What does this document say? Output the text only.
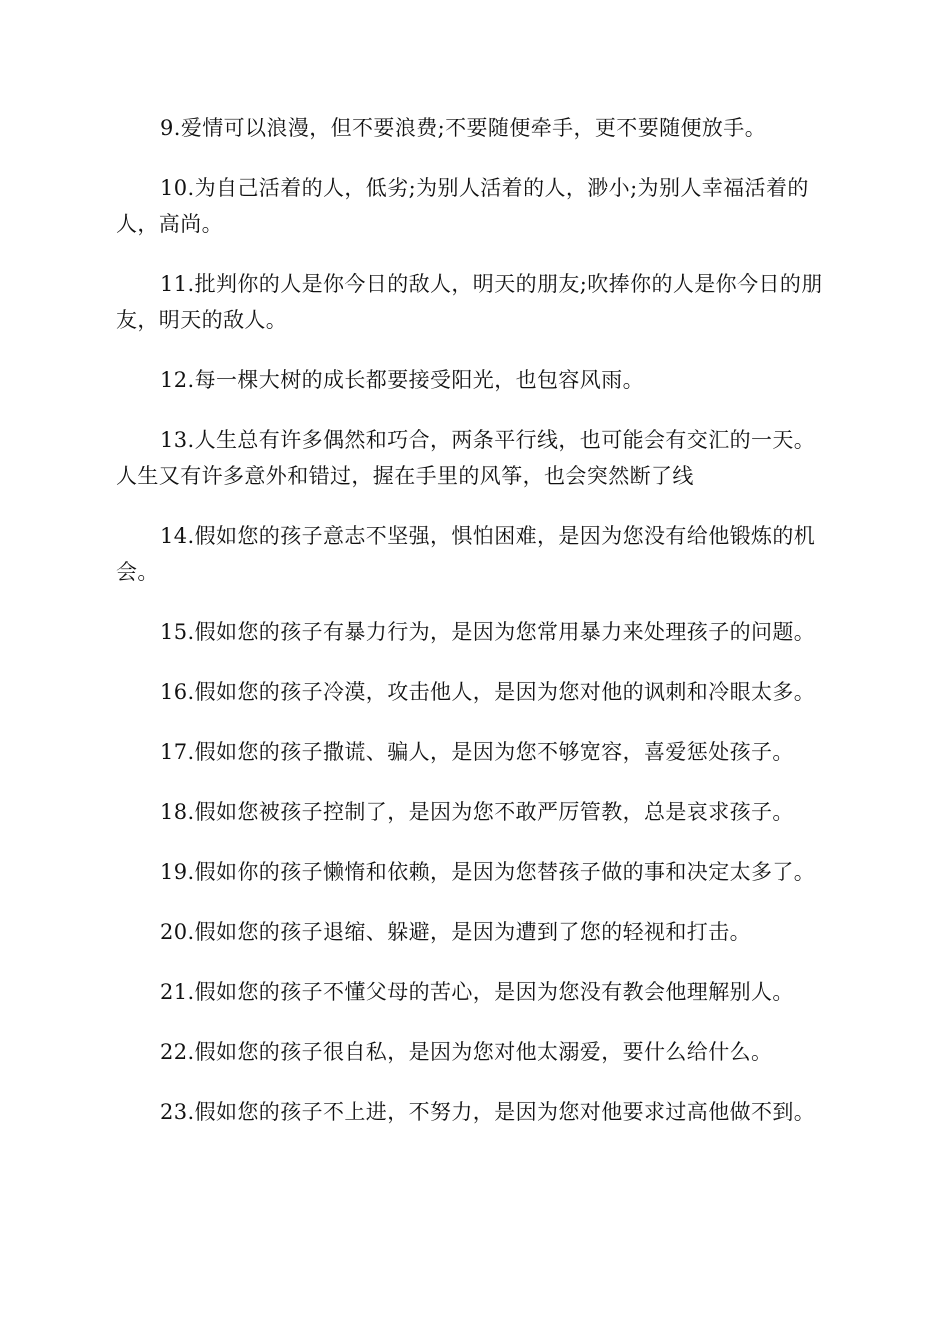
9.爱情可以浪漫，但不要浪费;不要随便牵手，更不要随便放手。

10.为自己活着的人，低劣;为别人活着的人，渺小;为别人幸福活着的人，高尚。

11.批判你的人是你今日的敌人，明天的朋友;吹捧你的人是你今日的朋友，明天的敌人。

12.每一棵大树的成长都要接受阳光，也包容风雨。

13.人生总有许多偶然和巧合，两条平行线，也可能会有交汇的一天。人生又有许多意外和错过，握在手里的风筝，也会突然断了线

14.假如您的孩子意志不坚强，惧怕困难，是因为您没有给他锻炼的机会。

15.假如您的孩子有暴力行为，是因为您常用暴力来处理孩子的问题。

16.假如您的孩子冷漠，攻击他人，是因为您对他的讽刺和冷眼太多。

17.假如您的孩子撒谎、骗人，是因为您不够宽容，喜爱惩处孩子。

18.假如您被孩子控制了，是因为您不敢严厉管教，总是哀求孩子。

19.假如你的孩子懒惰和依赖，是因为您替孩子做的事和决定太多了。

20.假如您的孩子退缩、躲避，是因为遭到了您的轻视和打击。

21.假如您的孩子不懂父母的苦心，是因为您没有教会他理解别人。

22.假如您的孩子很自私，是因为您对他太溺爱，要什么给什么。

23.假如您的孩子不上进，不努力，是因为您对他要求过高他做不到。
